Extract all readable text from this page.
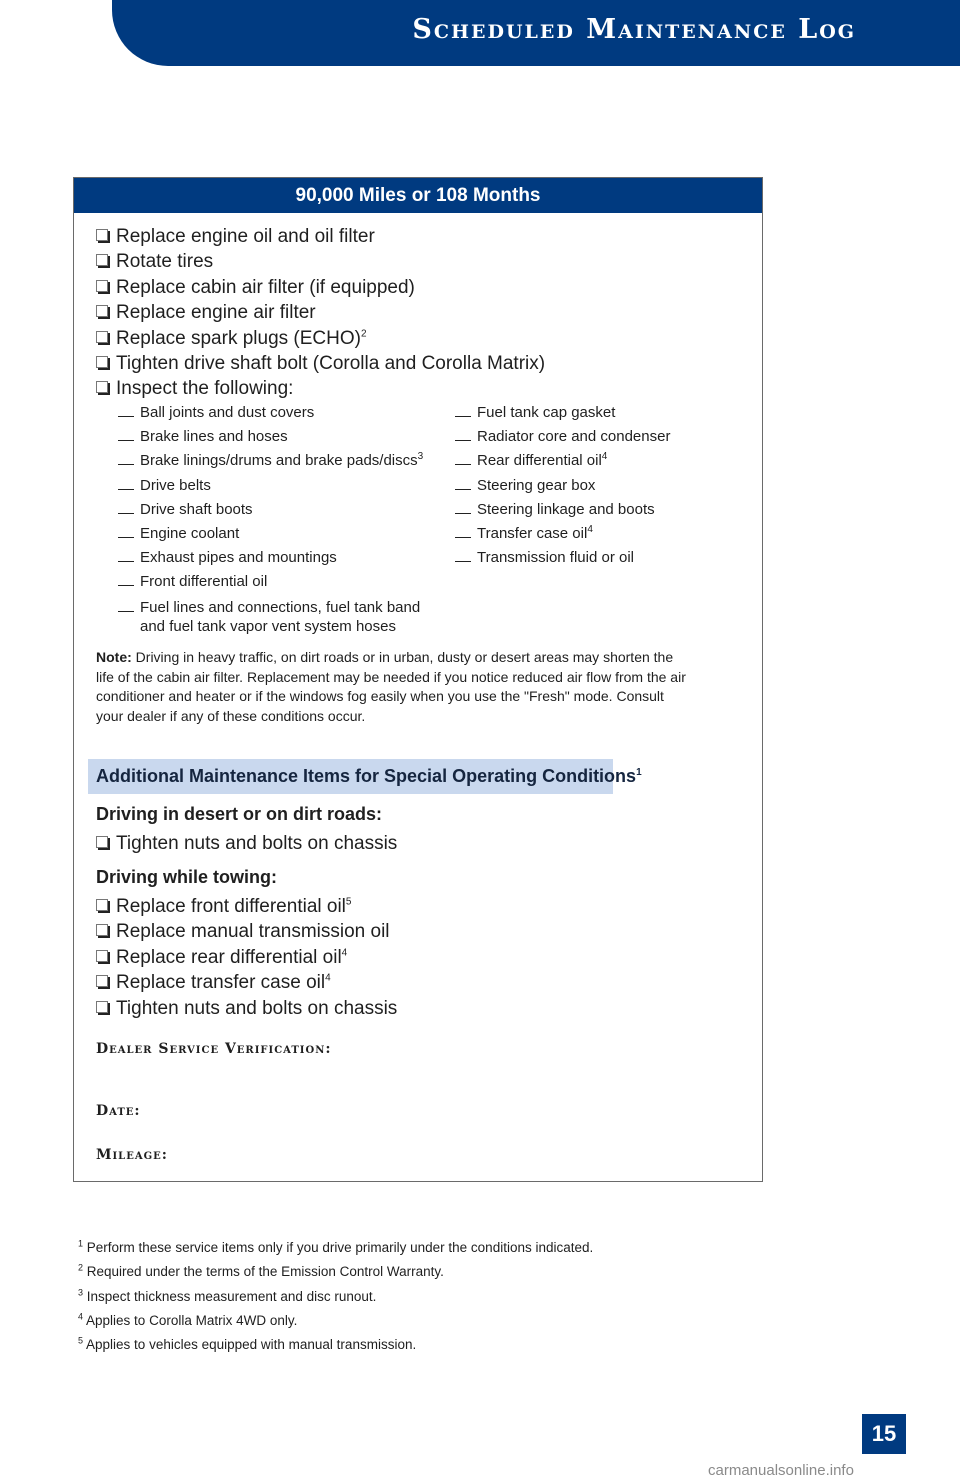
Scheduled Maintenance Log
90,000 Miles or 108 Months
Replace engine oil and oil filter
Rotate tires
Replace cabin air filter (if equipped)
Replace engine air filter
Replace spark plugs (ECHO)$^2$
Tighten drive shaft bolt (Corolla and Corolla Matrix)
Inspect the following:
Ball joints and dust covers
Brake lines and hoses
Brake linings/drums and brake pads/discs$^3$
Drive belts
Drive shaft boots
Engine coolant
Exhaust pipes and mountings
Front differential oil
Fuel lines and connections, fuel tank band
and fuel tank vapor vent system hoses
Fuel tank cap gasket
Radiator core and condenser
Rear differential oil$^4$
Steering gear box
Steering linkage and boots
Transfer case oil$^4$
Transmission fluid or oil
Note: Driving in heavy traffic, on dirt roads or in urban, dusty or desert areas may shorten the life of the cabin air filter. Replacement may be needed if you notice reduced air flow from the air conditioner and heater or if the windows fog easily when you use the "Fresh" mode. Consult your dealer if any of these conditions occur.
Additional Maintenance Items for Special Operating Conditions$^1$
Driving in desert or on dirt roads:
Tighten nuts and bolts on chassis
Driving while towing:
Replace front differential oil$^5$
Replace manual transmission oil
Replace rear differential oil$^4$
Replace transfer case oil$^4$
Tighten nuts and bolts on chassis
Dealer Service Verification:
Date:
Mileage:
$^1$ Perform these service items only if you drive primarily under the conditions indicated.
$^2$ Required under the terms of the Emission Control Warranty.
$^3$ Inspect thickness measurement and disc runout.
$^4$ Applies to Corolla Matrix 4WD only.
$^5$ Applies to vehicles equipped with manual transmission.
15
carmanualsonline.info
